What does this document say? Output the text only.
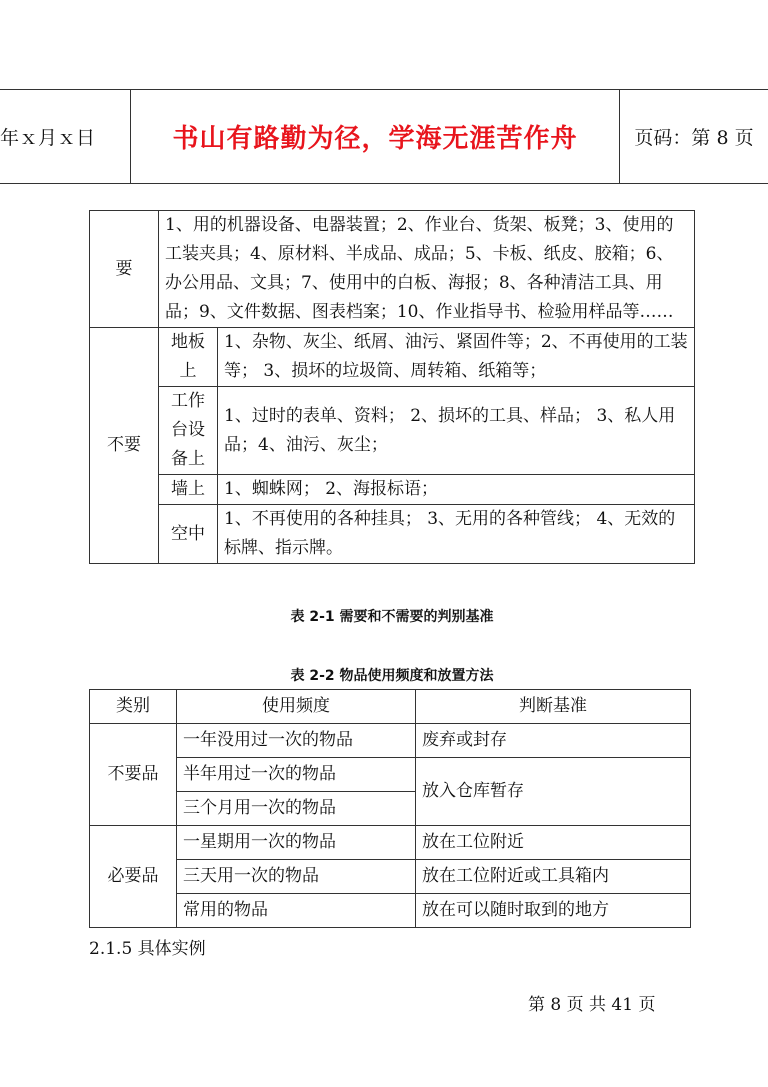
年ｘ月ｘ日	书山有路勤为径，学海无涯苦作舟	页码：第 8 页
要	1、用的机器设备、电器装置；2、作业台、货架、板凳；3、使用的工装夹具；4、原材料、半成品、成品；5、卡板、纸皮、胶箱；6、办公用品、文具；7、使用中的白板、海报；8、各种清洁工具、用品；9、文件数据、图表档案；10、作业指导书、检验用样品等……	
不要	地板上	1、杂物、灰尘、纸屑、油污、紧固件等；2、不再使用的工装等； 3、损坏的垃圾筒、周转箱、纸箱等；
	工作台设备上	1、过时的表单、资料； 2、损坏的工具、样品； 3、私人用品；4、油污、灰尘；
	墙上	1、蜘蛛网； 2、海报标语；
	空中	1、不再使用的各种挂具； 3、无用的各种管线； 4、无效的标牌、指示牌。
表 2-1 需要和不需要的判别基准
表 2-2 物品使用频度和放置方法
类别	使用频度	判断基准
不要品	一年没用过一次的物品	废弃或封存
	半年用过一次的物品	放入仓库暂存
	三个月用一次的物品	
必要品	一星期用一次的物品	放在工位附近
	三天用一次的物品	放在工位附近或工具箱内
	常用的物品	放在可以随时取到的地方
2.1.5 具体实例
第 8 页 共 41 页
